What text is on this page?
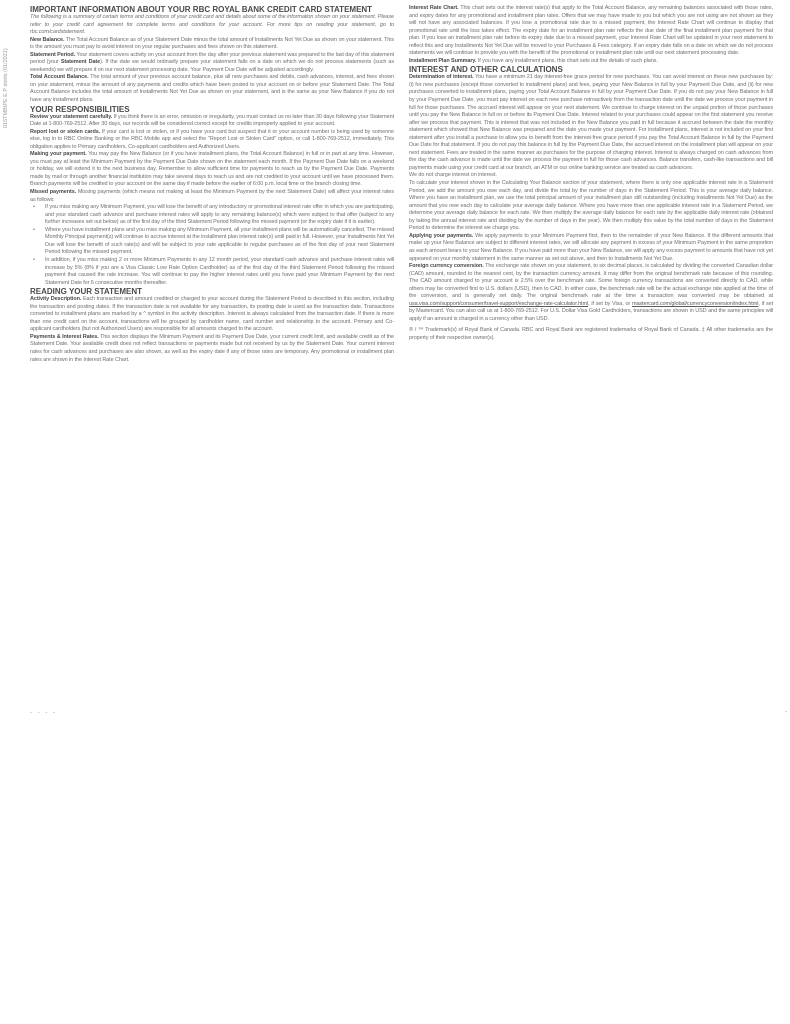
015TMBIPE E P stmts (01/2021)

IMPORTANT INFORMATION ABOUT YOUR RBC ROYAL BANK CREDIT CARD STATEMENT

The following is a summary of certain terms and conditions of your credit card and details about some of the information shown on your statement. Please refer to your credit card agreement for complete terms and conditions for your account. For more tips on reading your statement, go to rbc.com/cardstatement.

New Balance. The Total Account Balance as of your Statement Date minus the total amount of Installments Not Yet Due as shown on your statement. This is the amount you must pay to avoid interest on your regular purchases and fees shown on this statement.

Statement Period. Your statement covers activity on your account from the day after your previous statement was prepared to the last day of this statement period (your Statement Date). If the date we would ordinarily prepare your statement falls on a date on which we do not process statements (such as weekends) we will prepare it on our next statement processing date. Your Payment Due Date will be adjusted accordingly.

Total Account Balance. The total amount of your previous account balance, plus all new purchases and debits, cash advances, interest, and fees shown on your statement, minus the amount of any payments and credits which have been posted to your account on or before your Statement Date. The Total Account Balance includes the total amount of Installments Not Yet Due as shown on your statement, and is the same as your New Balance if you do not have any installment plans.

YOUR RESPONSIBILITIES

Review your statement carefully. If you think there is an error, omission or irregularity, you must contact us no later than 30 days following your Statement Date at 1-800-769-2512. After 30 days, our records will be considered correct except for credits improperly applied to your account.

Report lost or stolen cards. If your card is lost or stolen, or if you have your card but suspect that it or your account number is being used by someone else, log in to RBC Online Banking or the RBC Mobile app and select the "Report Lost or Stolen Card" option, or call 1-800-769-2512, immediately. This obligation applies to Primary cardholders, Co-applicant cardholders and Authorized Users.

Making your payment. You may pay the New Balance (or if you have installment plans, the Total Account Balance) in full or in part at any time. However, you must pay at least the Minimum Payment by the Payment Due Date shown on the statement each month. If the Payment Due Date falls on a weekend or holiday, we will extend it to the next business day. Remember to allow sufficient time for payments to reach us by the Payment Due Date. Payments made by mail or through another financial institution may take several days to reach us and are not credited to your account until we have processed them. Branch payments will be credited to your account on the same day if made before the earlier of 6:00 p.m. local time or the branch closing time.

Missed payments. Missing payments (which means not making at least the Minimum Payment by the next Statement Date) will affect your interest rates as follows:

• If you miss making any Minimum Payment, you will lose the benefit of any introductory or promotional interest rate offer in which you are participating, and your standard cash advance and purchase interest rates will apply to any remaining balance(s) which were subject to that offer (subject to any further increases set out below) as of the first day of the third Statement Period following the missed payment (or the expiry date if it is earlier).
• Where you have installment plans and you miss making any Minimum Payment, all your installment plans will be automatically cancelled. The missed Monthly Principal payment(s) will continue to accrue interest at the installment plan interest rate(s) until paid in full. However, your Installments Not Yet Due will lose the benefit of such rate(s) and will be subject to your rate applicable to regular purchases as of the first day of your next Statement Period following the missed payment.
• In addition, if you miss making 2 or more Minimum Payments in any 12 month period, your standard cash advance and purchase interest rates will increase by 5% (8% if you are a Visa Classic Low Rate Option Cardholder) as of the first day of the third Statement Period following the missed payment that caused the rate increase. You will continue to pay the higher interest rates until you have paid your Minimum Payment by the next Statement Date for 6 consecutive months thereafter.

READING YOUR STATEMENT

Activity Description. Each transaction and amount credited or charged to your account during the Statement Period is described in this section, including the transaction and posting dates. If the transaction date is not available for any transaction, its posting date is used as the transaction date. Transactions converted to installment plans are marked by a ^ symbol in the activity description. Interest is always calculated from the transaction date. If there is more than one credit card on the account, transactions will be grouped by cardholder name, card number and relationship to the account. Primary and Co-applicant cardholders (but not Authorized Users) are responsible for all amounts charged to the account.

Payments & Interest Rates. This section displays the Minimum Payment and its Payment Due Date, your current credit limit, and available credit as of the Statement Date. Your available credit does not reflect transactions or payments made but not received by us by the Statement Date. Your current interest rates for cash advances and purchases are also shown, as well as the expiry date if any of those rates are temporary. Any promotional or installment plan rates are shown in the Interest Rate Chart.

Interest Rate Chart. This chart sets out the interest rate(s) that apply to the Total Account Balance, any remaining balances associated with those rates, and expiry dates for any promotional and installment plan rates. Offers that we may have made to you but which you are not using are not shown as they will not have any associated balances. If you lose a promotional rate due to a missed payment, the Interest Rate Chart will continue to display that promotional rate until the loss takes effect. The expiry date for an installment plan rate reflects the due date of the final installment plan payment for that plan. If you lose an installment plan rate before its expiry date due to a missed payment, your Interest Rate Chart will be updated in your next statement to reflect this and any Installments Not Yet Due will be moved to your Purchases & Fees category. If an expiry date falls on a date on which we do not process statements we will continue to provide you with the benefit of the promotional or installment plan rate until our next statement processing date.

Installment Plan Summary. If you have any installment plans, this chart sets out the details of such plans.

INTEREST AND OTHER CALCULATIONS

Determination of interest. You have a minimum 21 day interest-free grace period for new purchases. You can avoid interest on these new purchases by: (i) for new purchases (except those converted to installment plans) and fees, paying your New Balance in full by your Payment Due Date, and (ii) for new purchases converted to installment plans, paying your Total Account Balance in full by your Payment Due Date. If you do not pay your New Balance in full by your Payment Due Date, you must pay interest on each new purchase retroactively from the transaction date until the date we process your payment in full for those purchases. The accrued interest will appear on your next statement. We continue to charge interest on the unpaid portion of those purchases until you pay the New Balance in full on or before its Payment Due Date. Interest related to your purchases could appear on the first statement you receive after we process that payment. This is interest that was not included in the New Balance you paid in full because it accrued between the date the monthly statement which showed that New Balance was prepared and the date you made your payment. For installment plans, interest is not included on your first statement after you install a purchase to allow you to benefit from the interest-free grace period if you pay the Total Account Balance in full by the Payment Due Date for that statement. If you do not pay this balance in full by the Payment Due Date, the accrued interest on the installment plan will appear on your next statement. Fees are treated in the same manner as purchases for the purpose of charging interest. Interest is always charged on cash advances from the day the cash advance is made until the date we process the payment in full for those cash advances. Balance transfers, cash-like transactions and bill payments made using your credit card at our branch, an ATM or our online banking service are treated as cash advances.

We do not charge interest on interest.

To calculate your interest shown in the Calculating Your Balance section of your statement, where there is only one applicable interest rate in a Statement Period, we add the amount you owe each day, and divide the total by the number of days in the Statement Period. This is your average daily balance. Where you have an installment plan, we use the total principal amount of your installment plan still outstanding (including Installments Not Yet Due) as the amount that you owe each day to calculate your average daily balance. Where you have more than one applicable interest rate in a Statement Period, we determine your average daily balance for each rate. We then multiply the average daily balance for each rate by the applicable daily interest rate (obtained by taking the annual interest rate and dividing by the number of days in the year). We then multiply this value by the total number of days in the Statement Period to determine the interest we charge you.

Applying your payments. We apply payments to your Minimum Payment first, then to the remainder of your New Balance. If the different amounts that make up your New Balance are subject to different interest rates, we will allocate any payment in excess of your Minimum Payment in the same proportion as each amount bears to your New Balance. If you have paid more than your New Balance, we will apply any excess payment to amounts that have not yet appeared on your monthly statement in the same manner as set out above, and then to Installments Not Yet Due.

Foreign currency conversion. The exchange rate shown on your statement, to six decimal places, is calculated by dividing the converted Canadian dollar (CAD) amount, rounded to the nearest cent, by the transaction currency amount. It may differ from the original benchmark rate because of this rounding. The CAD amount charged to your account is 2.5% over the benchmark rate. Some foreign currency transactions are converted directly to CAD, while others may be converted first to U.S. dollars (USD), then to CAD. In either case, the benchmark rate will be the actual exchange rate applied at the time of the conversion, and is generally set daily. The original benchmark rate at the time a transaction was converted may be obtained at usa.visa.com/support/consumer/travel-support/exchange-rate-calculator.html, if set by Visa, or mastercard.com/global/currencyconversion/index.html, if set by Mastercard. You can also call us at 1-800-769-2512. For U.S. Dollar Visa Gold Cardholders, transactions are shown in USD and the same principles will apply if an amount is charged in a currency other than USD.

® / ™ Trademark(s) of Royal Bank of Canada. RBC and Royal Bank are registered trademarks of Royal Bank of Canada. ‡ All other trademarks are the property of their respective owner(s).

- - - -	-
